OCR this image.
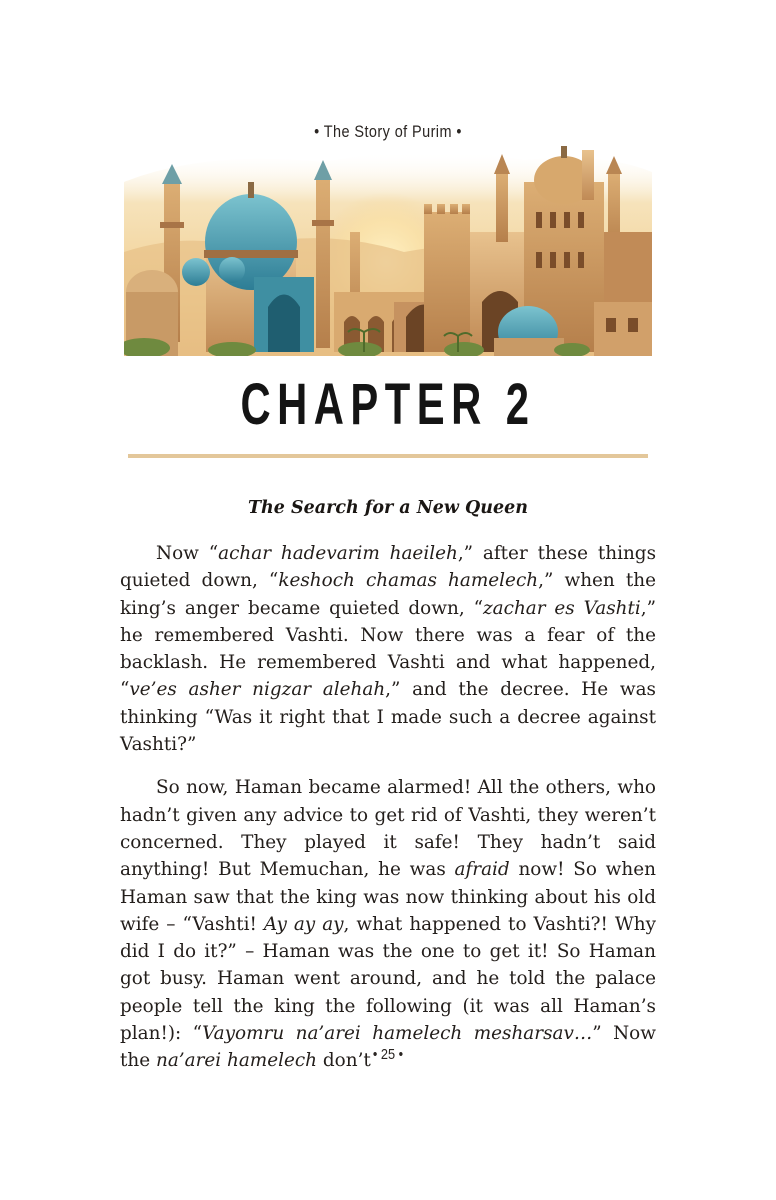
• The Story of Purim •
CHAPTER 2
The Search for a New Queen

Now “achar hadevarim haeileh,” after these things quieted down, “keshoch chamas hamelech,” when the king’s anger became quieted down, “zachar es Vashti,” he remembered Vashti. Now there was a fear of the backlash. He remembered Vashti and what happened, “ve’es asher nigzar alehah,” and the decree. He was thinking “Was it right that I made such a decree against Vashti?”

So now, Haman became alarmed! All the others, who hadn’t given any advice to get rid of Vashti, they weren’t concerned. They played it safe! They hadn’t said anything! But Memuchan, he was afraid now! So when Haman saw that the king was now thinking about his old wife – “Vashti! Ay ay ay, what happened to Vashti?! Why did I do it?” – Haman was the one to get it! So Haman got busy. Haman went around, and he told the palace people tell the king the following (it was all Haman’s plan!): “Vayomru na’arei hamelech mesharsav…” Now the na’arei hamelech don’t • 25 •
